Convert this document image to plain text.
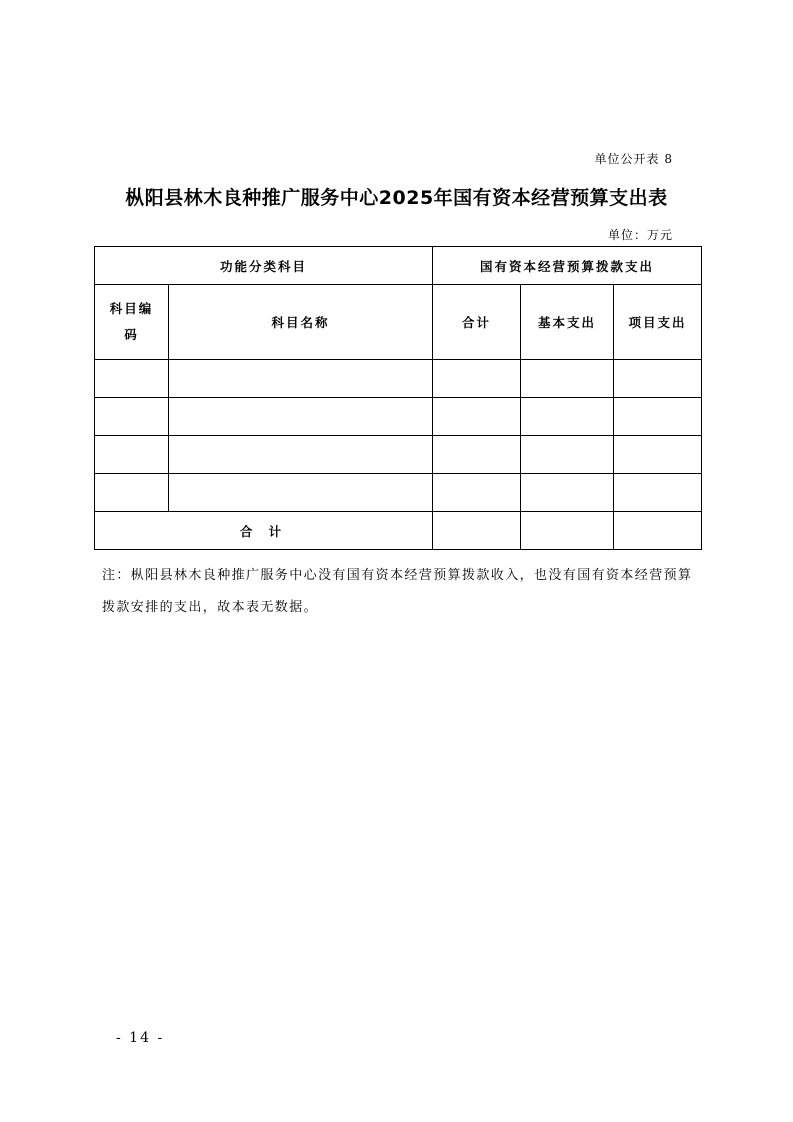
单位公开表 8
枞阳县林木良种推广服务中心2025年国有资本经营预算支出表
单位：万元
功能分类科目		国有资本经营预算拨款支出		
科目编码	科目名称	合计	基本支出	项目支出

合 计				
注：枞阳县林木良种推广服务中心没有国有资本经营预算拨款收入，也没有国有资本经营预算拨款安排的支出，故本表无数据。
- 14 -
